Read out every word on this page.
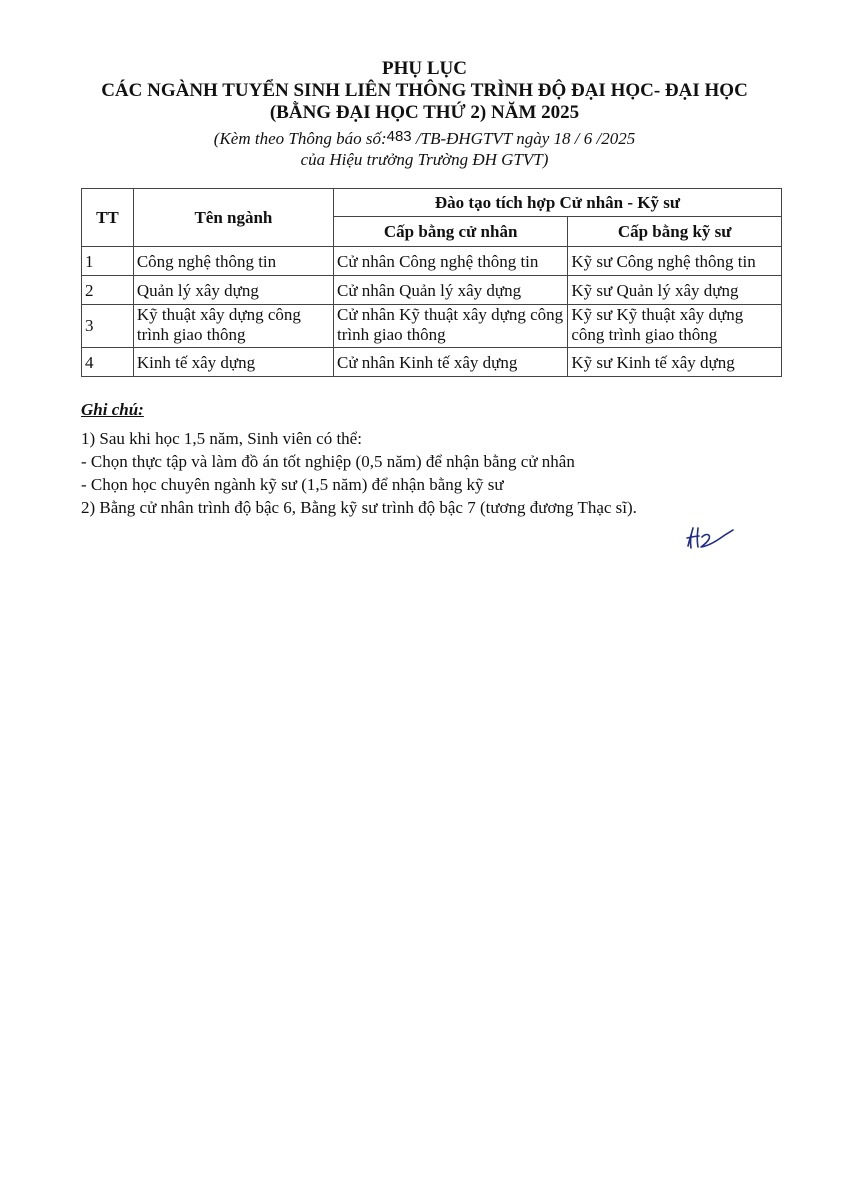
PHỤ LỤC
CÁC NGÀNH TUYỂN SINH LIÊN THÔNG TRÌNH ĐỘ ĐẠI HỌC- ĐẠI HỌC
(BẰNG ĐẠI HỌC THỨ 2) NĂM 2025
(Kèm theo Thông báo số:483 /TB-ĐHGTVT ngày 18 / 6 /2025
của Hiệu trưởng Trường ĐH GTVT)
TT	Tên ngành	Đào tạo tích hợp Cử nhân - Kỹ sư	
		Cấp bằng cử nhân	Cấp bằng kỹ sư
1	Công nghệ thông tin	Cử nhân Công nghệ thông tin	Kỹ sư Công nghệ thông tin
2	Quản lý xây dựng	Cử nhân Quản lý xây dựng	Kỹ sư Quản lý xây dựng
3	Kỹ thuật xây dựng công trình giao thông	Cử nhân Kỹ thuật xây dựng công trình giao thông	Kỹ sư Kỹ thuật xây dựng công trình giao thông
4	Kinh tế xây dựng	Cử nhân Kinh tế xây dựng	Kỹ sư Kinh tế xây dựng
Ghi chú:
1) Sau khi học 1,5 năm, Sinh viên có thể:
- Chọn thực tập và làm đồ án tốt nghiệp (0,5 năm) để nhận bằng cử nhân
- Chọn học chuyên ngành kỹ sư (1,5 năm) để nhận bằng kỹ sư
2) Bằng cử nhân trình độ bậc 6, Bằng kỹ sư trình độ bậc 7 (tương đương Thạc sĩ).
